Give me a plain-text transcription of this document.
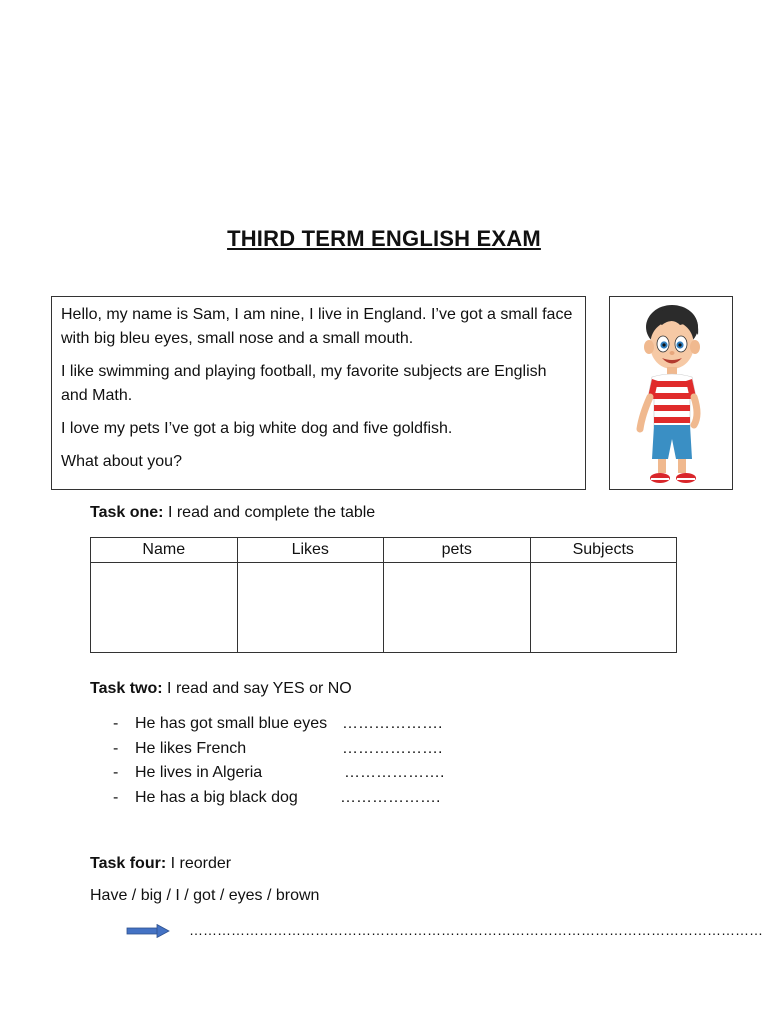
THIRD TERM ENGLISH EXAM

Hello, my name is Sam, I am nine, I live in England. I’ve got a small face with big bleu eyes, small nose and a small mouth.

I like swimming and playing football, my favorite subjects are English and Math.

I love my pets I’ve got a big white dog and five goldfish.

What about you?

Task one: I read and complete the table
Name	Likes	pets	Subjects

Task two: I read and say YES or NO
- He has got small blue eyes ……………….
- He likes French	……………….
- He lives in Algeria	……………….
- He has a big black dog	……………….
Task four: I reorder
Have / big / I / got / eyes / brown
……………………………………………………………………………………………………………
